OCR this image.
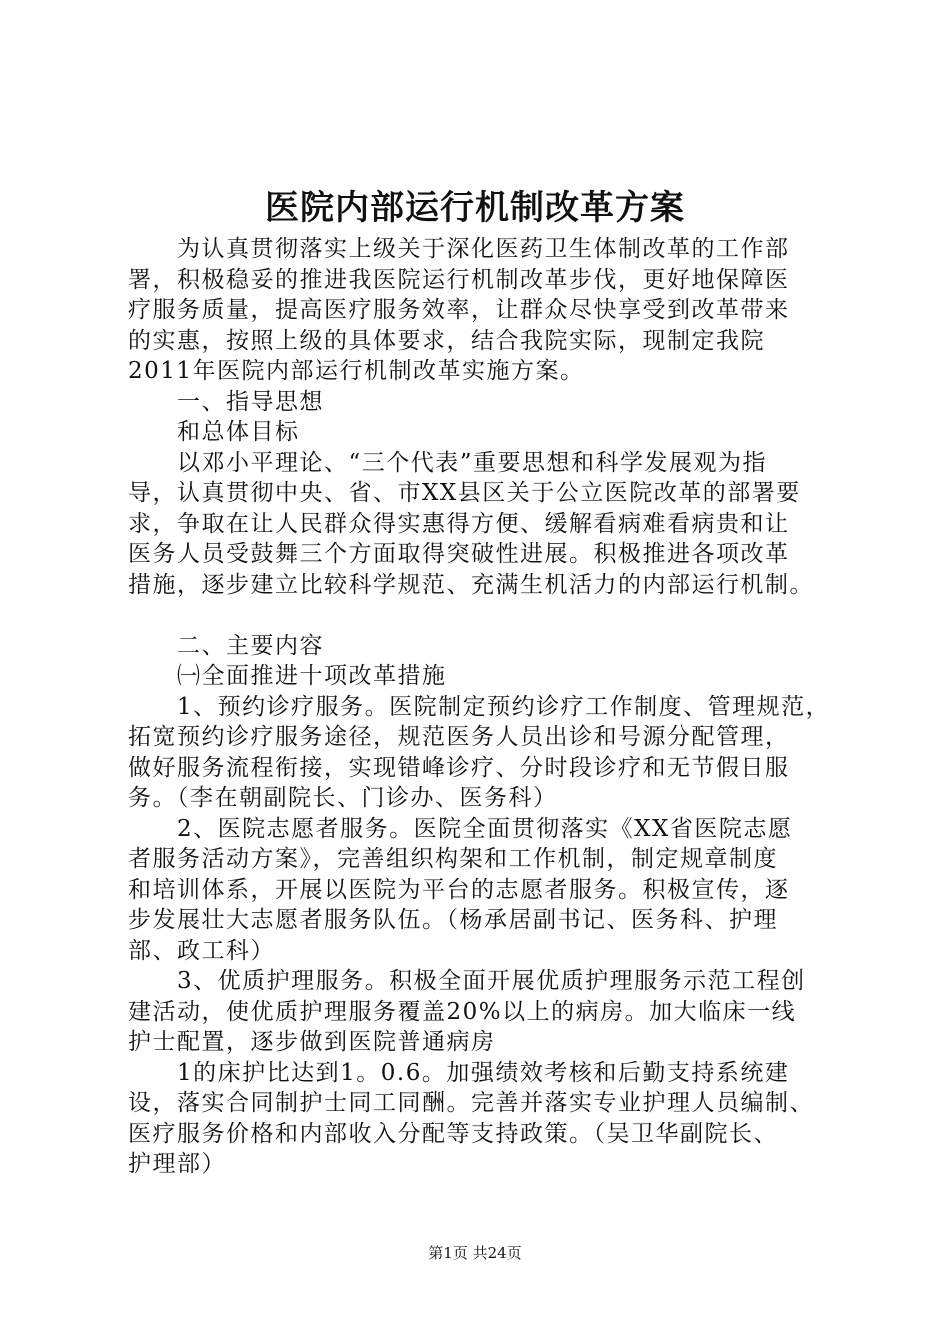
医院内部运行机制改革方案
　　为认真贯彻落实上级关于深化医药卫生体制改革的工作部
署，积极稳妥的推进我医院运行机制改革步伐，更好地保障医
疗服务质量，提高医疗服务效率，让群众尽快享受到改革带来
的实惠，按照上级的具体要求，结合我院实际，现制定我院
2011年医院内部运行机制改革实施方案。
　　一、指导思想
　　和总体目标
　　以邓小平理论、“三个代表”重要思想和科学发展观为指
导，认真贯彻中央、省、市XX县区关于公立医院改革的部署要
求，争取在让人民群众得实惠得方便、缓解看病难看病贵和让
医务人员受鼓舞三个方面取得突破性进展。积极推进各项改革
措施，逐步建立比较科学规范、充满生机活力的内部运行机制。
　　二、主要内容
　　㈠全面推进十项改革措施
　　1、预约诊疗服务。医院制定预约诊疗工作制度、管理规范，
拓宽预约诊疗服务途径，规范医务人员出诊和号源分配管理，
做好服务流程衔接，实现错峰诊疗、分时段诊疗和无节假日服
务。（李在朝副院长、门诊办、医务科）
　　2、医院志愿者服务。医院全面贯彻落实《XX省医院志愿
者服务活动方案》，完善组织构架和工作机制，制定规章制度
和培训体系，开展以医院为平台的志愿者服务。积极宣传，逐
步发展壮大志愿者服务队伍。（杨承居副书记、医务科、护理
部、政工科）
　　3、优质护理服务。积极全面开展优质护理服务示范工程创
建活动，使优质护理服务覆盖20%以上的病房。加大临床一线
护士配置，逐步做到医院普通病房
　　1的床护比达到1。0.6。加强绩效考核和后勤支持系统建
设，落实合同制护士同工同酬。完善并落实专业护理人员编制、
医疗服务价格和内部收入分配等支持政策。（吴卫华副院长、
护理部）
第1页 共24页
